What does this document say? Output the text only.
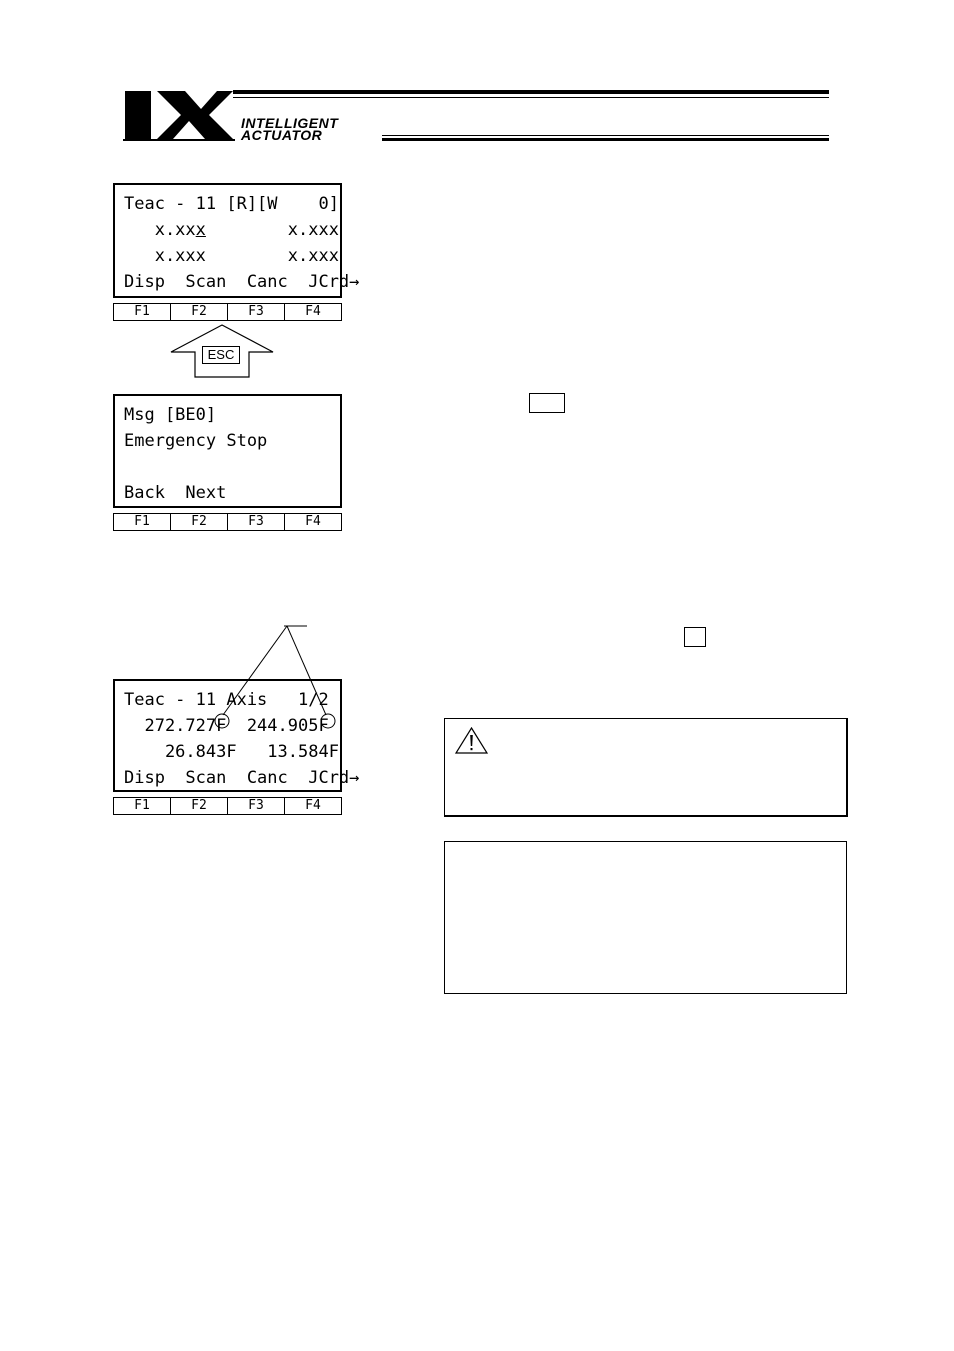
INTELLIGENT
ACTUATOR
Teac - 11 [R][W    0]
x.xxx        x.xxx
x.xxx        x.xxx
Disp  Scan  Canc  JCrd→
F1	F2	F3	F4
ESC
Msg [BE0]
Emergency Stop
Back  Next
F1	F2	F3	F4
Teac - 11 Axis   1/2
272.727F  244.905F
26.843F   13.584F
Disp  Scan  Canc  JCrd→
F1	F2	F3	F4
